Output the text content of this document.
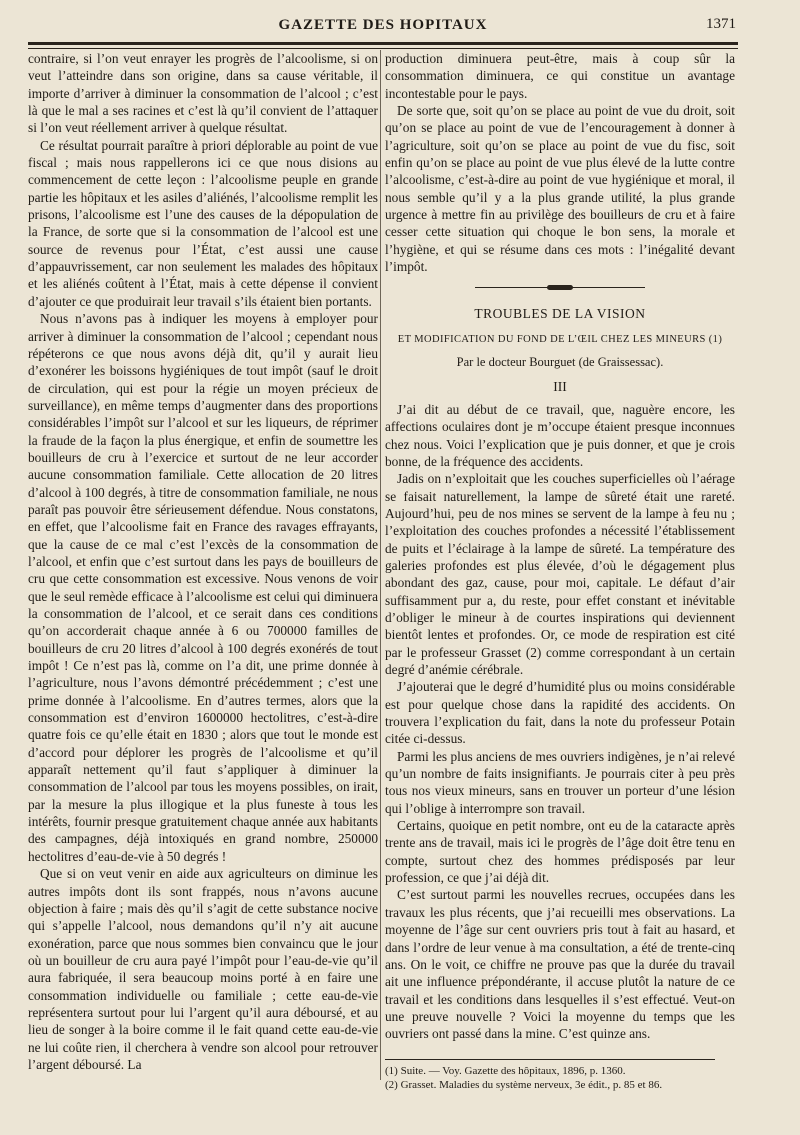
GAZETTE DES HOPITAUX	1371

contraire, si l’on veut enrayer les progrès de l’alcoolisme, si on veut l’atteindre dans son origine, dans sa cause véritable, il importe d’arriver à diminuer la consommation de l’alcool ; c’est là que le mal a ses racines et c’est là qu’il convient de l’attaquer si l’on veut réellement arriver à quelque résultat.

Ce résultat pourrait paraître à priori déplorable au point de vue fiscal ; mais nous rappellerons ici ce que nous disions au commencement de cette leçon : l’alcoolisme peuple en grande partie les hôpitaux et les asiles d’aliénés, l’alcoolisme remplit les prisons, l’alcoolisme est l’une des causes de la dépopulation de la France, de sorte que si la consommation de l’alcool est une source de revenus pour l’État, c’est aussi une cause d’appauvrissement, car non seulement les malades des hôpitaux et les aliénés coûtent à l’État, mais à cette dépense il convient d’ajouter ce que produirait leur travail s’ils étaient bien portants.

Nous n’avons pas à indiquer les moyens à employer pour arriver à diminuer la consommation de l’alcool ; cependant nous répéterons ce que nous avons déjà dit, qu’il y aurait lieu d’exonérer les boissons hygiéniques de tout impôt (sauf le droit de circulation, qui est pour la régie un moyen précieux de surveillance), en même temps d’augmenter dans des proportions considérables l’impôt sur l’alcool et sur les liqueurs, de réprimer la fraude de la façon la plus énergique, et enfin de soumettre les bouilleurs de cru à l’exercice et surtout de ne leur accorder aucune consommation familiale. Cette allocation de 20 litres d’alcool à 100 degrés, à titre de consommation familiale, ne nous paraît pas pouvoir être sérieusement défendue. Nous constatons, en effet, que l’alcoolisme fait en France des ravages effrayants, que la cause de ce mal c’est l’excès de la consommation de l’alcool, et enfin que c’est surtout dans les pays de bouilleurs de cru que cette consommation est excessive. Nous venons de voir que le seul remède efficace à l’alcoolisme est celui qui diminuera la consommation de l’alcool, et ce serait dans ces conditions qu’on accorderait chaque année à 6 ou 700000 familles de bouilleurs de cru 20 litres d’alcool à 100 degrés exonérés de tout impôt ! Ce n’est pas là, comme on l’a dit, une prime donnée à l’agriculture, nous l’avons démontré précédemment ; c’est une prime donnée à l’alcoolisme. En d’autres termes, alors que la consommation est d’environ 1600000 hectolitres, c’est-à-dire quatre fois ce qu’elle était en 1830 ; alors que tout le monde est d’accord pour déplorer les progrès de l’alcoolisme et qu’il apparaît nettement qu’il faut s’appliquer à diminuer la consommation de l’alcool par tous les moyens possibles, on irait, par la mesure la plus illogique et la plus funeste à tous les intérêts, fournir presque gratuitement chaque année aux habitants des campagnes, déjà intoxiqués en grand nombre, 250000 hectolitres d’eau-de-vie à 50 degrés !

Que si on veut venir en aide aux agriculteurs on diminue les autres impôts dont ils sont frappés, nous n’avons aucune objection à faire ; mais dès qu’il s’agit de cette substance nocive qui s’appelle l’alcool, nous demandons qu’il n’y ait aucune exonération, parce que nous sommes bien convaincu que le jour où un bouilleur de cru aura payé l’impôt pour l’eau-de-vie qu’il aura fabriquée, il sera beaucoup moins porté à en faire une consommation individuelle ou familiale ; cette eau-de-vie représentera surtout pour lui l’argent qu’il aura déboursé, et au lieu de songer à la boire comme il le fait quand cette eau-de-vie ne lui coûte rien, il cherchera à vendre son alcool pour retrouver l’argent déboursé. La

production diminuera peut-être, mais à coup sûr la consommation diminuera, ce qui constitue un avantage incontestable pour le pays.

De sorte que, soit qu’on se place au point de vue du droit, soit qu’on se place au point de vue de l’encouragement à donner à l’agriculture, soit qu’on se place au point de vue du fisc, soit enfin qu’on se place au point de vue plus élevé de la lutte contre l’alcoolisme, c’est-à-dire au point de vue hygiénique et moral, il nous semble qu’il y a la plus grande utilité, la plus grande urgence à mettre fin au privilège des bouilleurs de cru et à faire cesser cette situation qui choque le bon sens, la morale et l’hygiène, et qui se résume dans ces mots : l’inégalité devant l’impôt.

TROUBLES DE LA VISION
ET MODIFICATION DU FOND DE L’ŒIL CHEZ LES MINEURS (1)
Par le docteur Bourguet (de Graissessac).
III

J’ai dit au début de ce travail, que, naguère encore, les affections oculaires dont je m’occupe étaient presque inconnues chez nous. Voici l’explication que je puis donner, et que je crois bonne, de la fréquence des accidents.

Jadis on n’exploitait que les couches superficielles où l’aérage se faisait naturellement, la lampe de sûreté était une rareté. Aujourd’hui, peu de nos mines se servent de la lampe à feu nu ; l’exploitation des couches profondes a nécessité l’établissement de puits et l’éclairage à la lampe de sûreté. La température des galeries profondes est plus élevée, d’où le dégagement plus abondant des gaz, cause, pour moi, capitale. Le défaut d’air suffisamment pur a, du reste, pour effet constant et inévitable d’obliger le mineur à de courtes inspirations qui deviennent bientôt lentes et profondes. Or, ce mode de respiration est cité par le professeur Grasset (2) comme correspondant à un certain degré d’anémie cérébrale.

J’ajouterai que le degré d’humidité plus ou moins considérable est pour quelque chose dans la rapidité des accidents. On trouvera l’explication du fait, dans la note du professeur Potain citée ci-dessus.

Parmi les plus anciens de mes ouvriers indigènes, je n’ai relevé qu’un nombre de faits insignifiants. Je pourrais citer à peu près tous nos vieux mineurs, sans en trouver un porteur d’une lésion qui l’oblige à interrompre son travail.

Certains, quoique en petit nombre, ont eu de la cataracte après trente ans de travail, mais ici le progrès de l’âge doit être tenu en compte, surtout chez des hommes prédisposés par leur profession, ce que j’ai déjà dit.

C’est surtout parmi les nouvelles recrues, occupées dans les travaux les plus récents, que j’ai recueilli mes observations. La moyenne de l’âge sur cent ouvriers pris tout à fait au hasard, et dans l’ordre de leur venue à ma consultation, a été de trente-cinq ans. On le voit, ce chiffre ne prouve pas que la durée du travail ait une influence prépondérante, il accuse plutôt la nature de ce travail et les conditions dans lesquelles il s’est effectué. Veut-on une preuve nouvelle ? Voici la moyenne du temps que les ouvriers ont passé dans la mine. C’est quinze ans.

(1) Suite. — Voy. Gazette des hôpitaux, 1896, p. 1360.

(2) Grasset. Maladies du système nerveux, 3e édit., p. 85 et 86.
